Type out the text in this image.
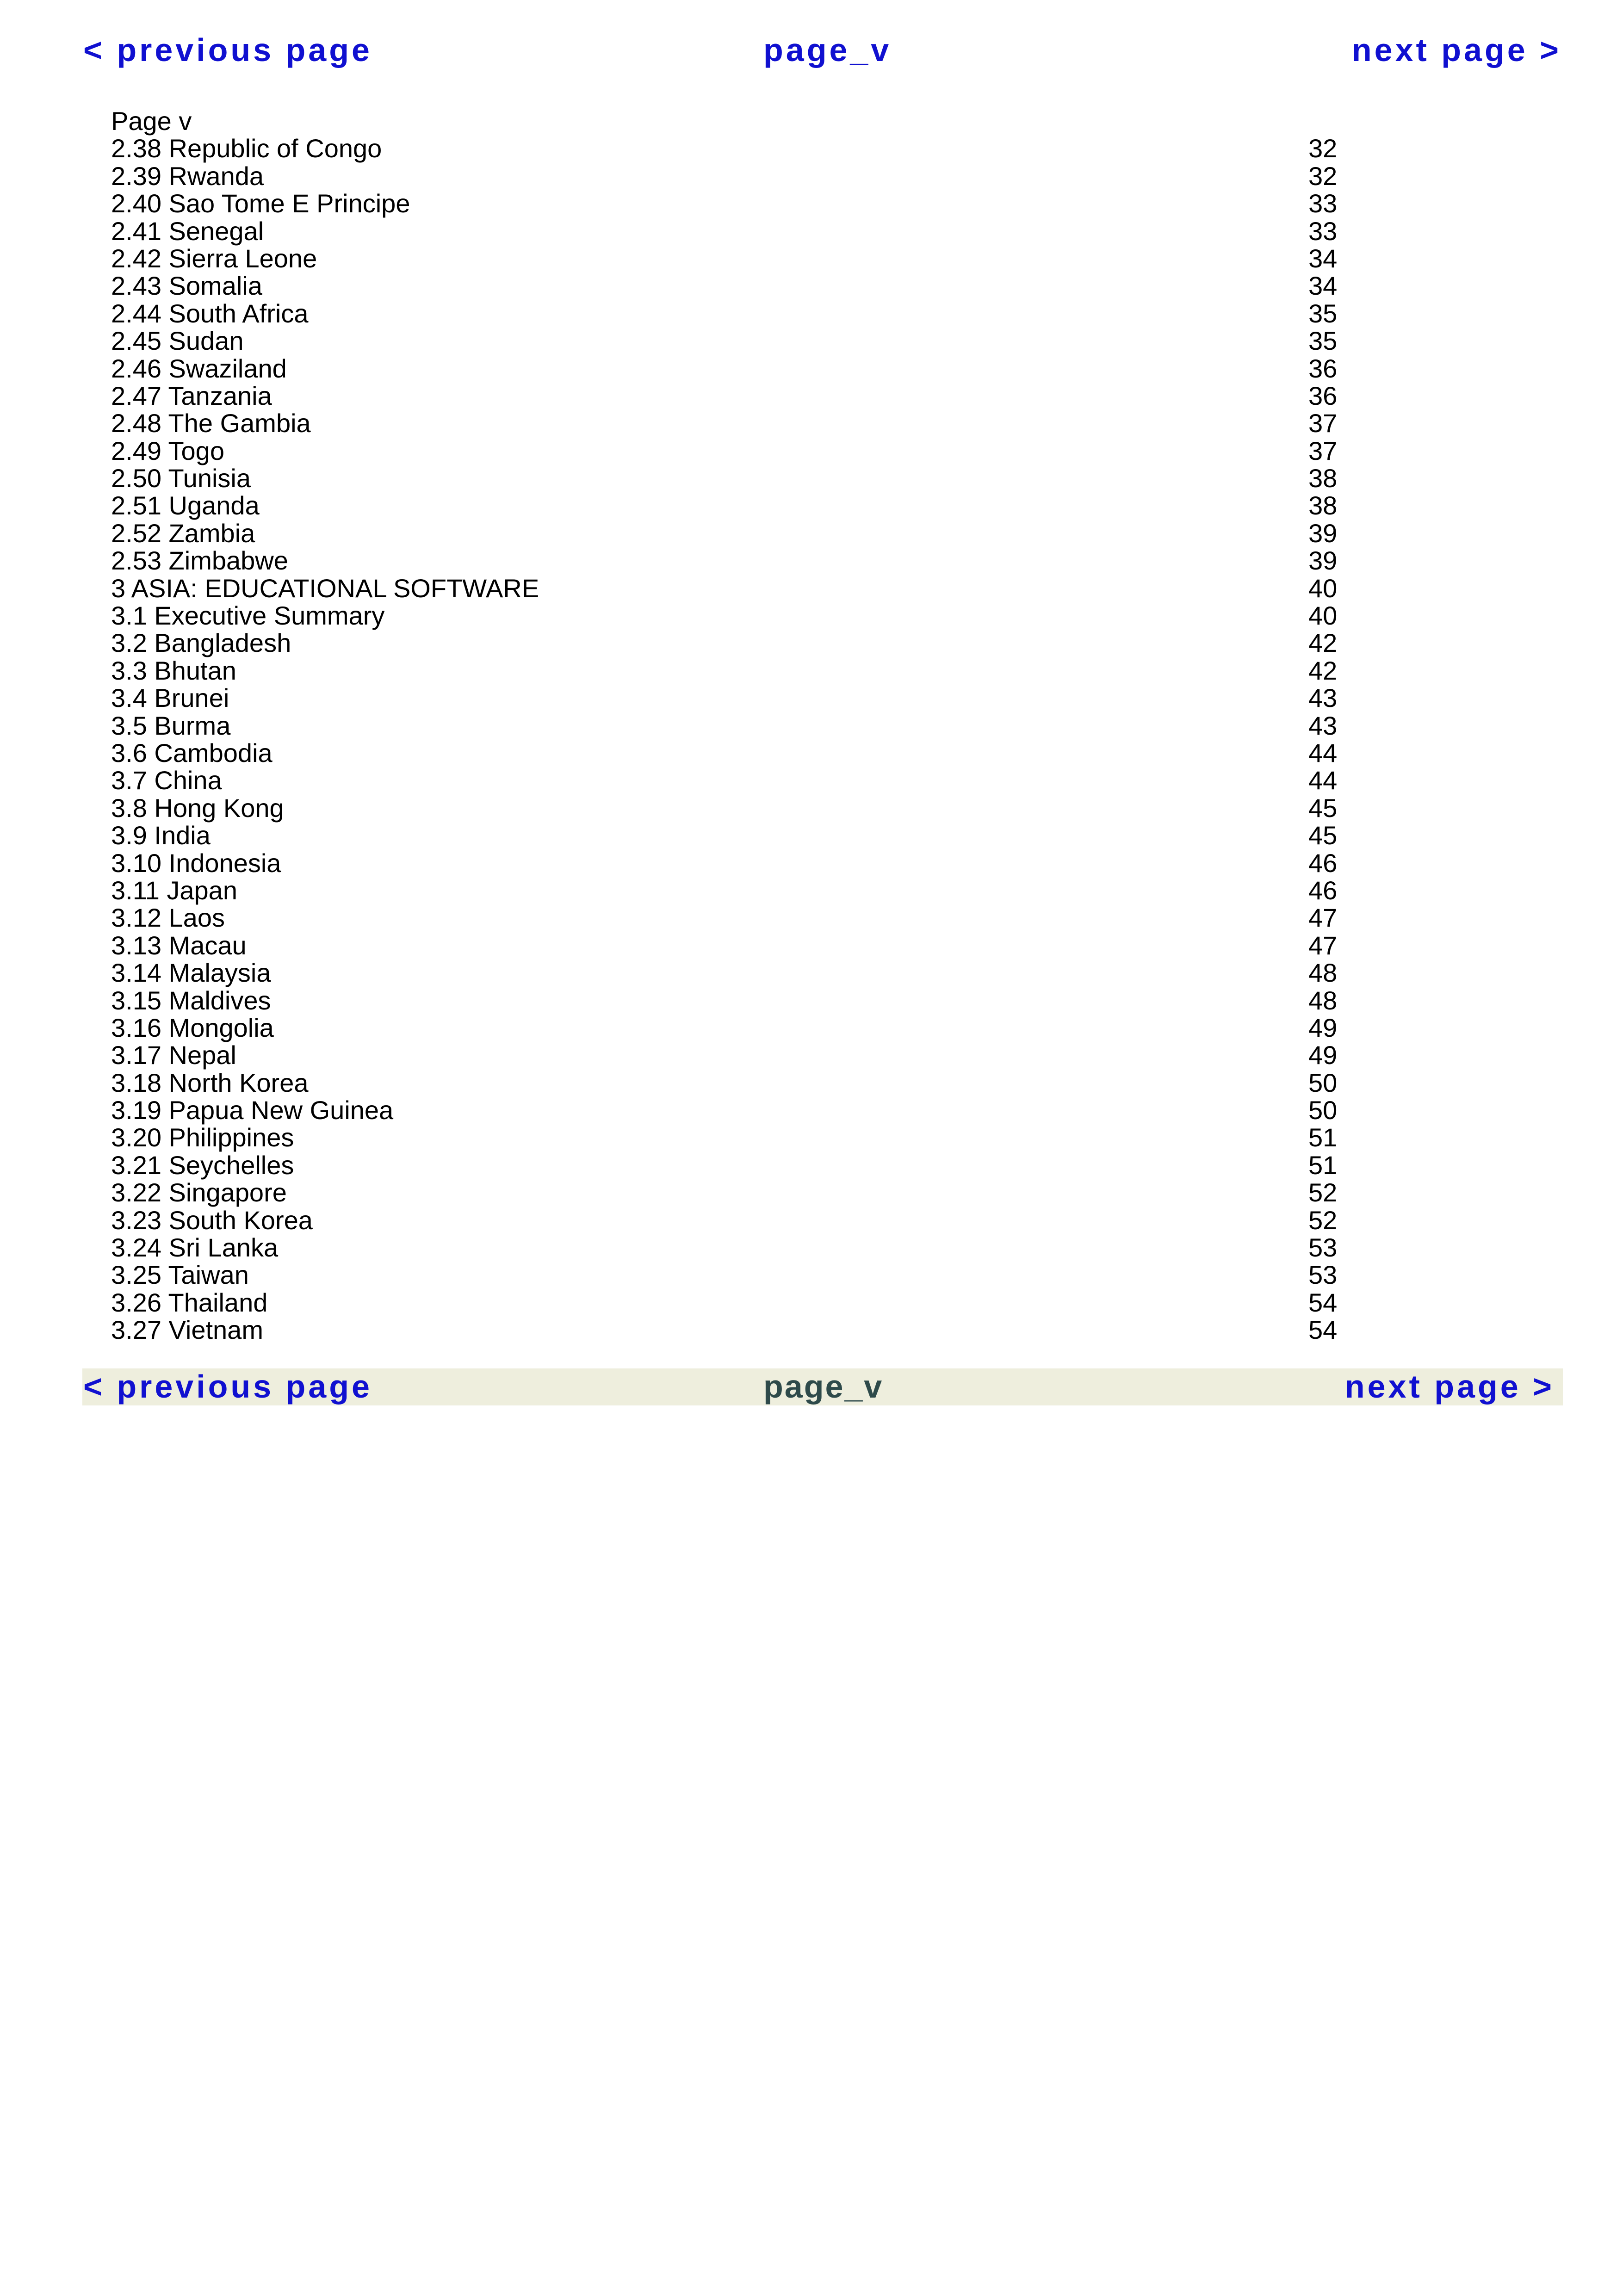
< previous page	page_v	next page >
Page v
2.38 Republic of Congo	32
2.39 Rwanda	32
2.40 Sao Tome E Principe	33
2.41 Senegal	33
2.42 Sierra Leone	34
2.43 Somalia	34
2.44 South Africa	35
2.45 Sudan	35
2.46 Swaziland	36
2.47 Tanzania	36
2.48 The Gambia	37
2.49 Togo	37
2.50 Tunisia	38
2.51 Uganda	38
2.52 Zambia	39
2.53 Zimbabwe	39
3 ASIA: EDUCATIONAL SOFTWARE	40
3.1 Executive Summary	40
3.2 Bangladesh	42
3.3 Bhutan	42
3.4 Brunei	43
3.5 Burma	43
3.6 Cambodia	44
3.7 China	44
3.8 Hong Kong	45
3.9 India	45
3.10 Indonesia	46
3.11 Japan	46
3.12 Laos	47
3.13 Macau	47
3.14 Malaysia	48
3.15 Maldives	48
3.16 Mongolia	49
3.17 Nepal	49
3.18 North Korea	50
3.19 Papua New Guinea	50
3.20 Philippines	51
3.21 Seychelles	51
3.22 Singapore	52
3.23 South Korea	52
3.24 Sri Lanka	53
3.25 Taiwan	53
3.26 Thailand	54
3.27 Vietnam	54
< previous page	page_v	next page >
